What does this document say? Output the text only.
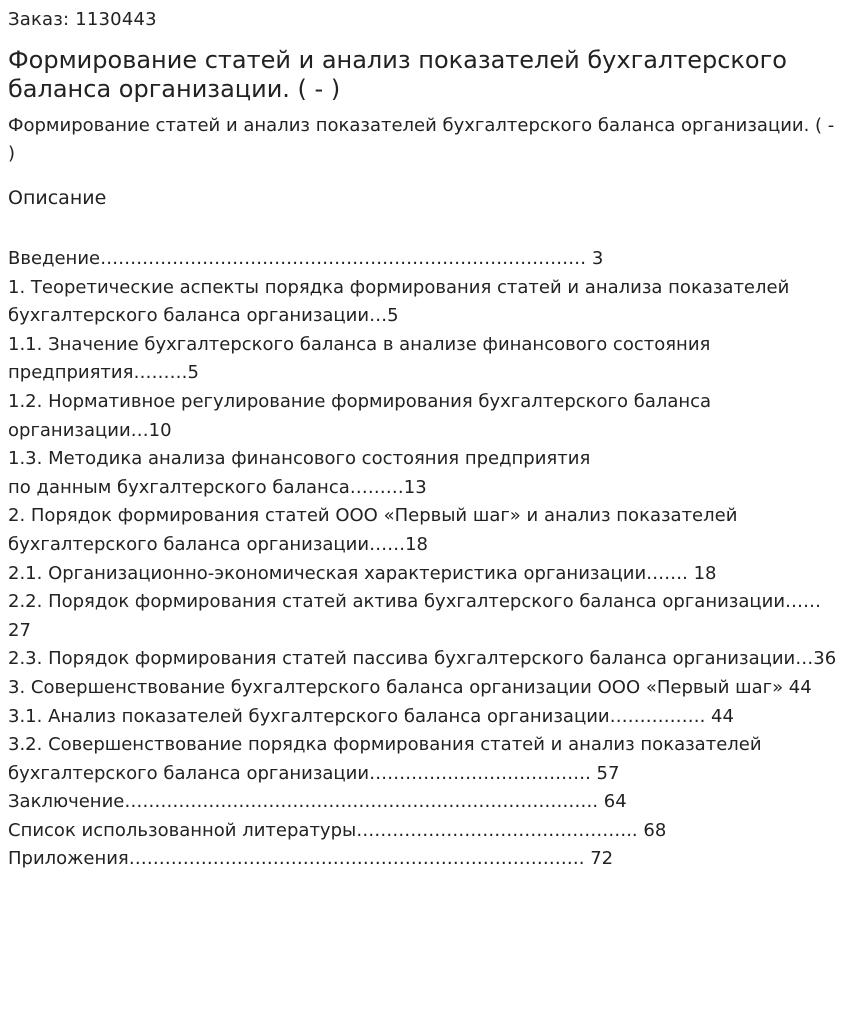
Заказ: 1130443
Формирование статей и анализ показателей бухгалтерского баланса организации. ( - )
Формирование статей и анализ показателей бухгалтерского баланса организации. ( - )
Описание
Введение……………………………………………………………………… 3
1. Теоретические аспекты порядка формирования статей и анализа показателей бухгалтерского баланса организации…5
1.1. Значение бухгалтерского баланса в анализе финансового состояния предприятия………5
1.2. Нормативное регулирование формирования бухгалтерского баланса организации…10
1.3. Методика анализа финансового состояния предприятия
по данным бухгалтерского баланса………13
2. Порядок формирования статей ООО «Первый шаг» и анализ показателей бухгалтерского баланса организации……18
2.1. Организационно-экономическая характеристика организации……. 18
2.2. Порядок формирования статей актива бухгалтерского баланса организации……27
2.3. Порядок формирования статей пассива бухгалтерского баланса организации…36
3. Совершенствование бухгалтерского баланса организации ООО «Первый шаг» 44
3.1. Анализ показателей бухгалтерского баланса организации……………. 44
3.2. Совершенствование порядка формирования статей и анализ показателей бухгалтерского баланса организации………………………………. 57
Заключение……………………………………………………………………. 64
Список использованной литературы……………………………………….. 68
Приложения…………………………………………………………………. 72
